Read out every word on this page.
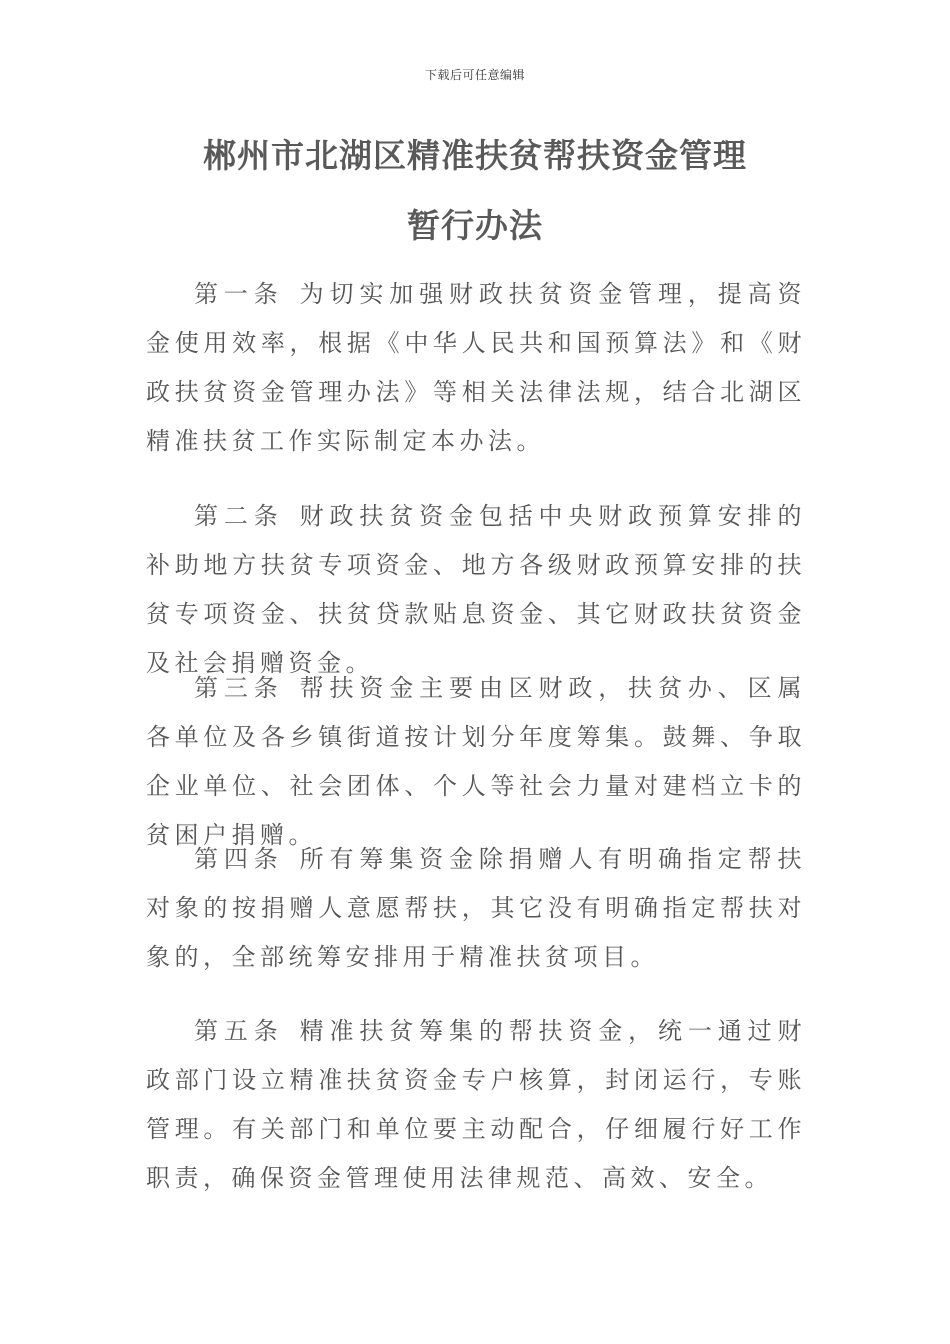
下载后可任意编辑
郴州市北湖区精准扶贫帮扶资金管理
暂行办法

第一条 为切实加强财政扶贫资金管理，提高资金使用效率，根据《中华人民共和国预算法》和《财政扶贫资金管理办法》等相关法律法规，结合北湖区精准扶贫工作实际制定本办法。

第二条 财政扶贫资金包括中央财政预算安排的补助地方扶贫专项资金、地方各级财政预算安排的扶贫专项资金、扶贫贷款贴息资金、其它财政扶贫资金及社会捐赠资金。

第三条 帮扶资金主要由区财政，扶贫办、区属各单位及各乡镇街道按计划分年度筹集。鼓舞、争取企业单位、社会团体、个人等社会力量对建档立卡的贫困户捐赠。

第四条 所有筹集资金除捐赠人有明确指定帮扶对象的按捐赠人意愿帮扶，其它没有明确指定帮扶对象的，全部统筹安排用于精准扶贫项目。

第五条 精准扶贫筹集的帮扶资金，统一通过财政部门设立精准扶贫资金专户核算，封闭运行，专账管理。有关部门和单位要主动配合，仔细履行好工作职责，确保资金管理使用法律规范、高效、安全。
